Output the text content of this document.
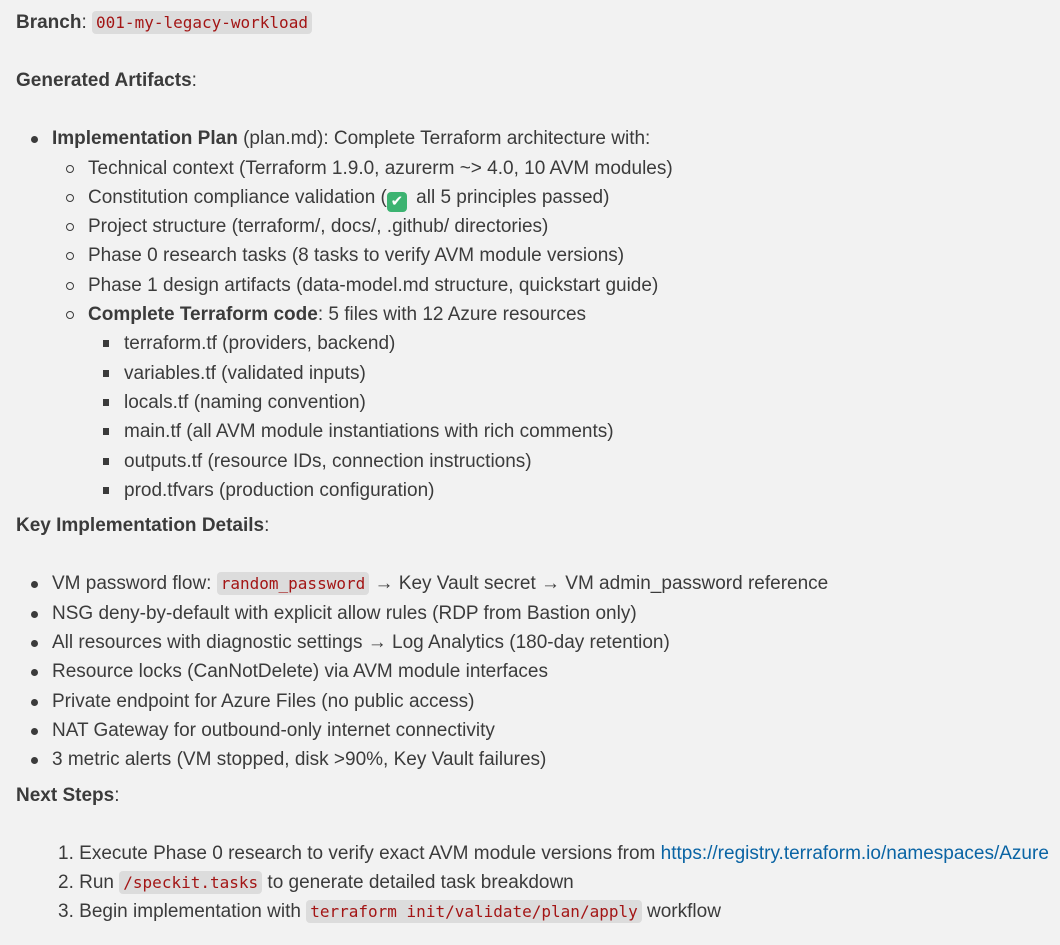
Branch: 001-my-legacy-workload

Generated Artifacts:

Implementation Plan (plan.md): Complete Terraform architecture with:
Technical context (Terraform 1.9.0, azurerm ~> 4.0, 10 AVM modules)
Constitution compliance validation ( ✔ all 5 principles passed)
Project structure (terraform/, docs/, .github/ directories)
Phase 0 research tasks (8 tasks to verify AVM module versions)
Phase 1 design artifacts (data-model.md structure, quickstart guide)
Complete Terraform code: 5 files with 12 Azure resources
terraform.tf (providers, backend)
variables.tf (validated inputs)
locals.tf (naming convention)
main.tf (all AVM module instantiations with rich comments)
outputs.tf (resource IDs, connection instructions)
prod.tfvars (production configuration)

Key Implementation Details:

VM password flow: random_password → Key Vault secret → VM admin_password reference
NSG deny-by-default with explicit allow rules (RDP from Bastion only)
All resources with diagnostic settings → Log Analytics (180-day retention)
Resource locks (CanNotDelete) via AVM module interfaces
Private endpoint for Azure Files (no public access)
NAT Gateway for outbound-only internet connectivity
3 metric alerts (VM stopped, disk >90%, Key Vault failures)

Next Steps:

1. Execute Phase 0 research to verify exact AVM module versions from https://registry.terraform.io/namespaces/Azure
2. Run /speckit.tasks to generate detailed task breakdown
3. Begin implementation with terraform init/validate/plan/apply workflow
